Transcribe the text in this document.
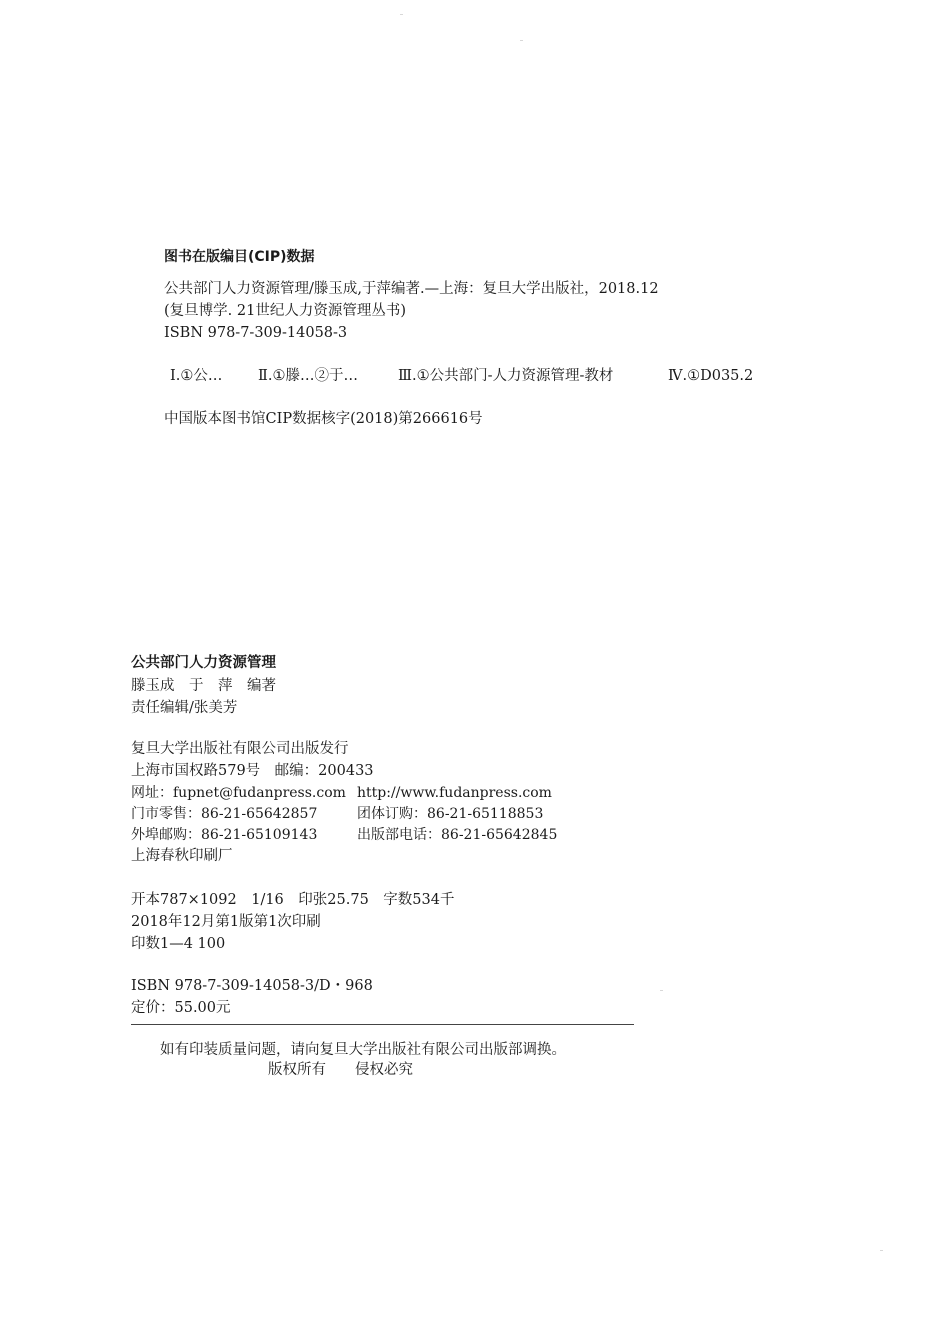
图书在版编目(CIP)数据
公共部门人力资源管理/滕玉成,于萍编著.—上海：复旦大学出版社，2018.12
(复旦博学. 21世纪人力资源管理丛书)
ISBN 978-7-309-14058-3
Ⅰ.①公… Ⅱ.①滕…②于…	Ⅲ.①公共部门-人力资源管理-教材	Ⅳ.①D035.2
中国版本图书馆CIP数据核字(2018)第266616号
公共部门人力资源管理
滕玉成　于　萍　编著
责任编辑/张美芳
复旦大学出版社有限公司出版发行
上海市国权路579号　邮编：200433
网址：fupnet@fudanpress.com http://www.fudanpress.com
门市零售：86-21-65642857	团体订购：86-21-65118853
外埠邮购：86-21-65109143	出版部电话：86-21-65642845
上海春秋印刷厂
开本787×1092　1/16　印张25.75　字数534千
2018年12月第1版第1次印刷
印数1—4 100
ISBN 978-7-309-14058-3/D・968
定价：55.00元
如有印装质量问题，请向复旦大学出版社有限公司出版部调换。
版权所有　　侵权必究
